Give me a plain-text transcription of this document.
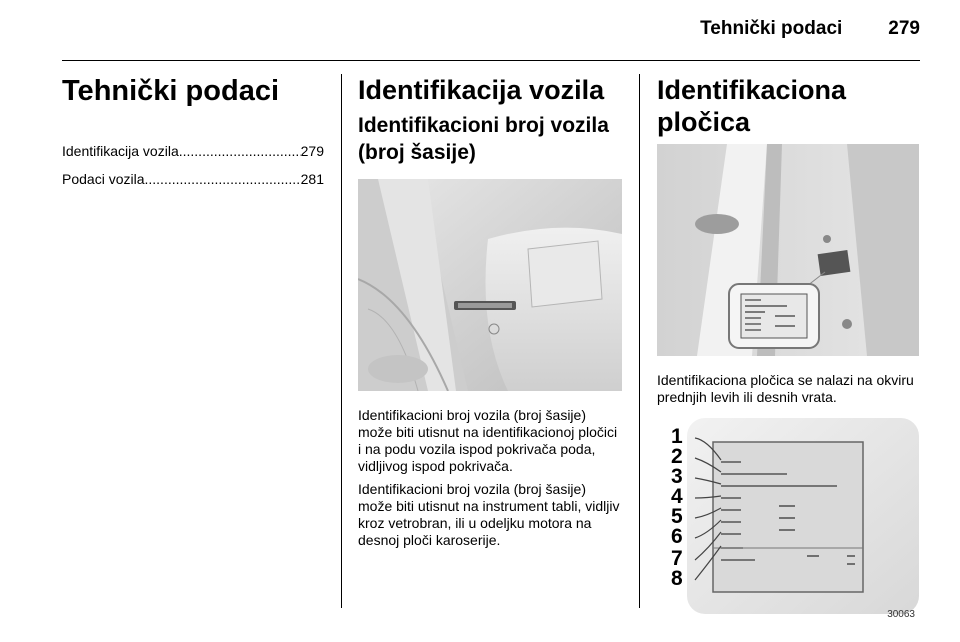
Tehnički podaci 279
Tehnički podaci
Identifikacija vozila .....	279
Podaci vozila .....	281
Identifikacija vozila
Identifikacioni broj vozila (broj šasije)

Identifikacioni broj vozila (broj šasije) može biti utisnut na identifikacionoj pločici i na podu vozila ispod pokrivača poda, vidljivog ispod pokrivača.

Identifikacioni broj vozila (broj šasije) može biti utisnut na instrument tabli, vidljiv kroz vetrobran, ili u odeljku motora na desnoj ploči karoserije.

Identifikaciona pločica

Identifikaciona pločica se nalazi na okviru prednjih levih ili desnih vrata.

1
2
3
4
5
6
7
8
30063
